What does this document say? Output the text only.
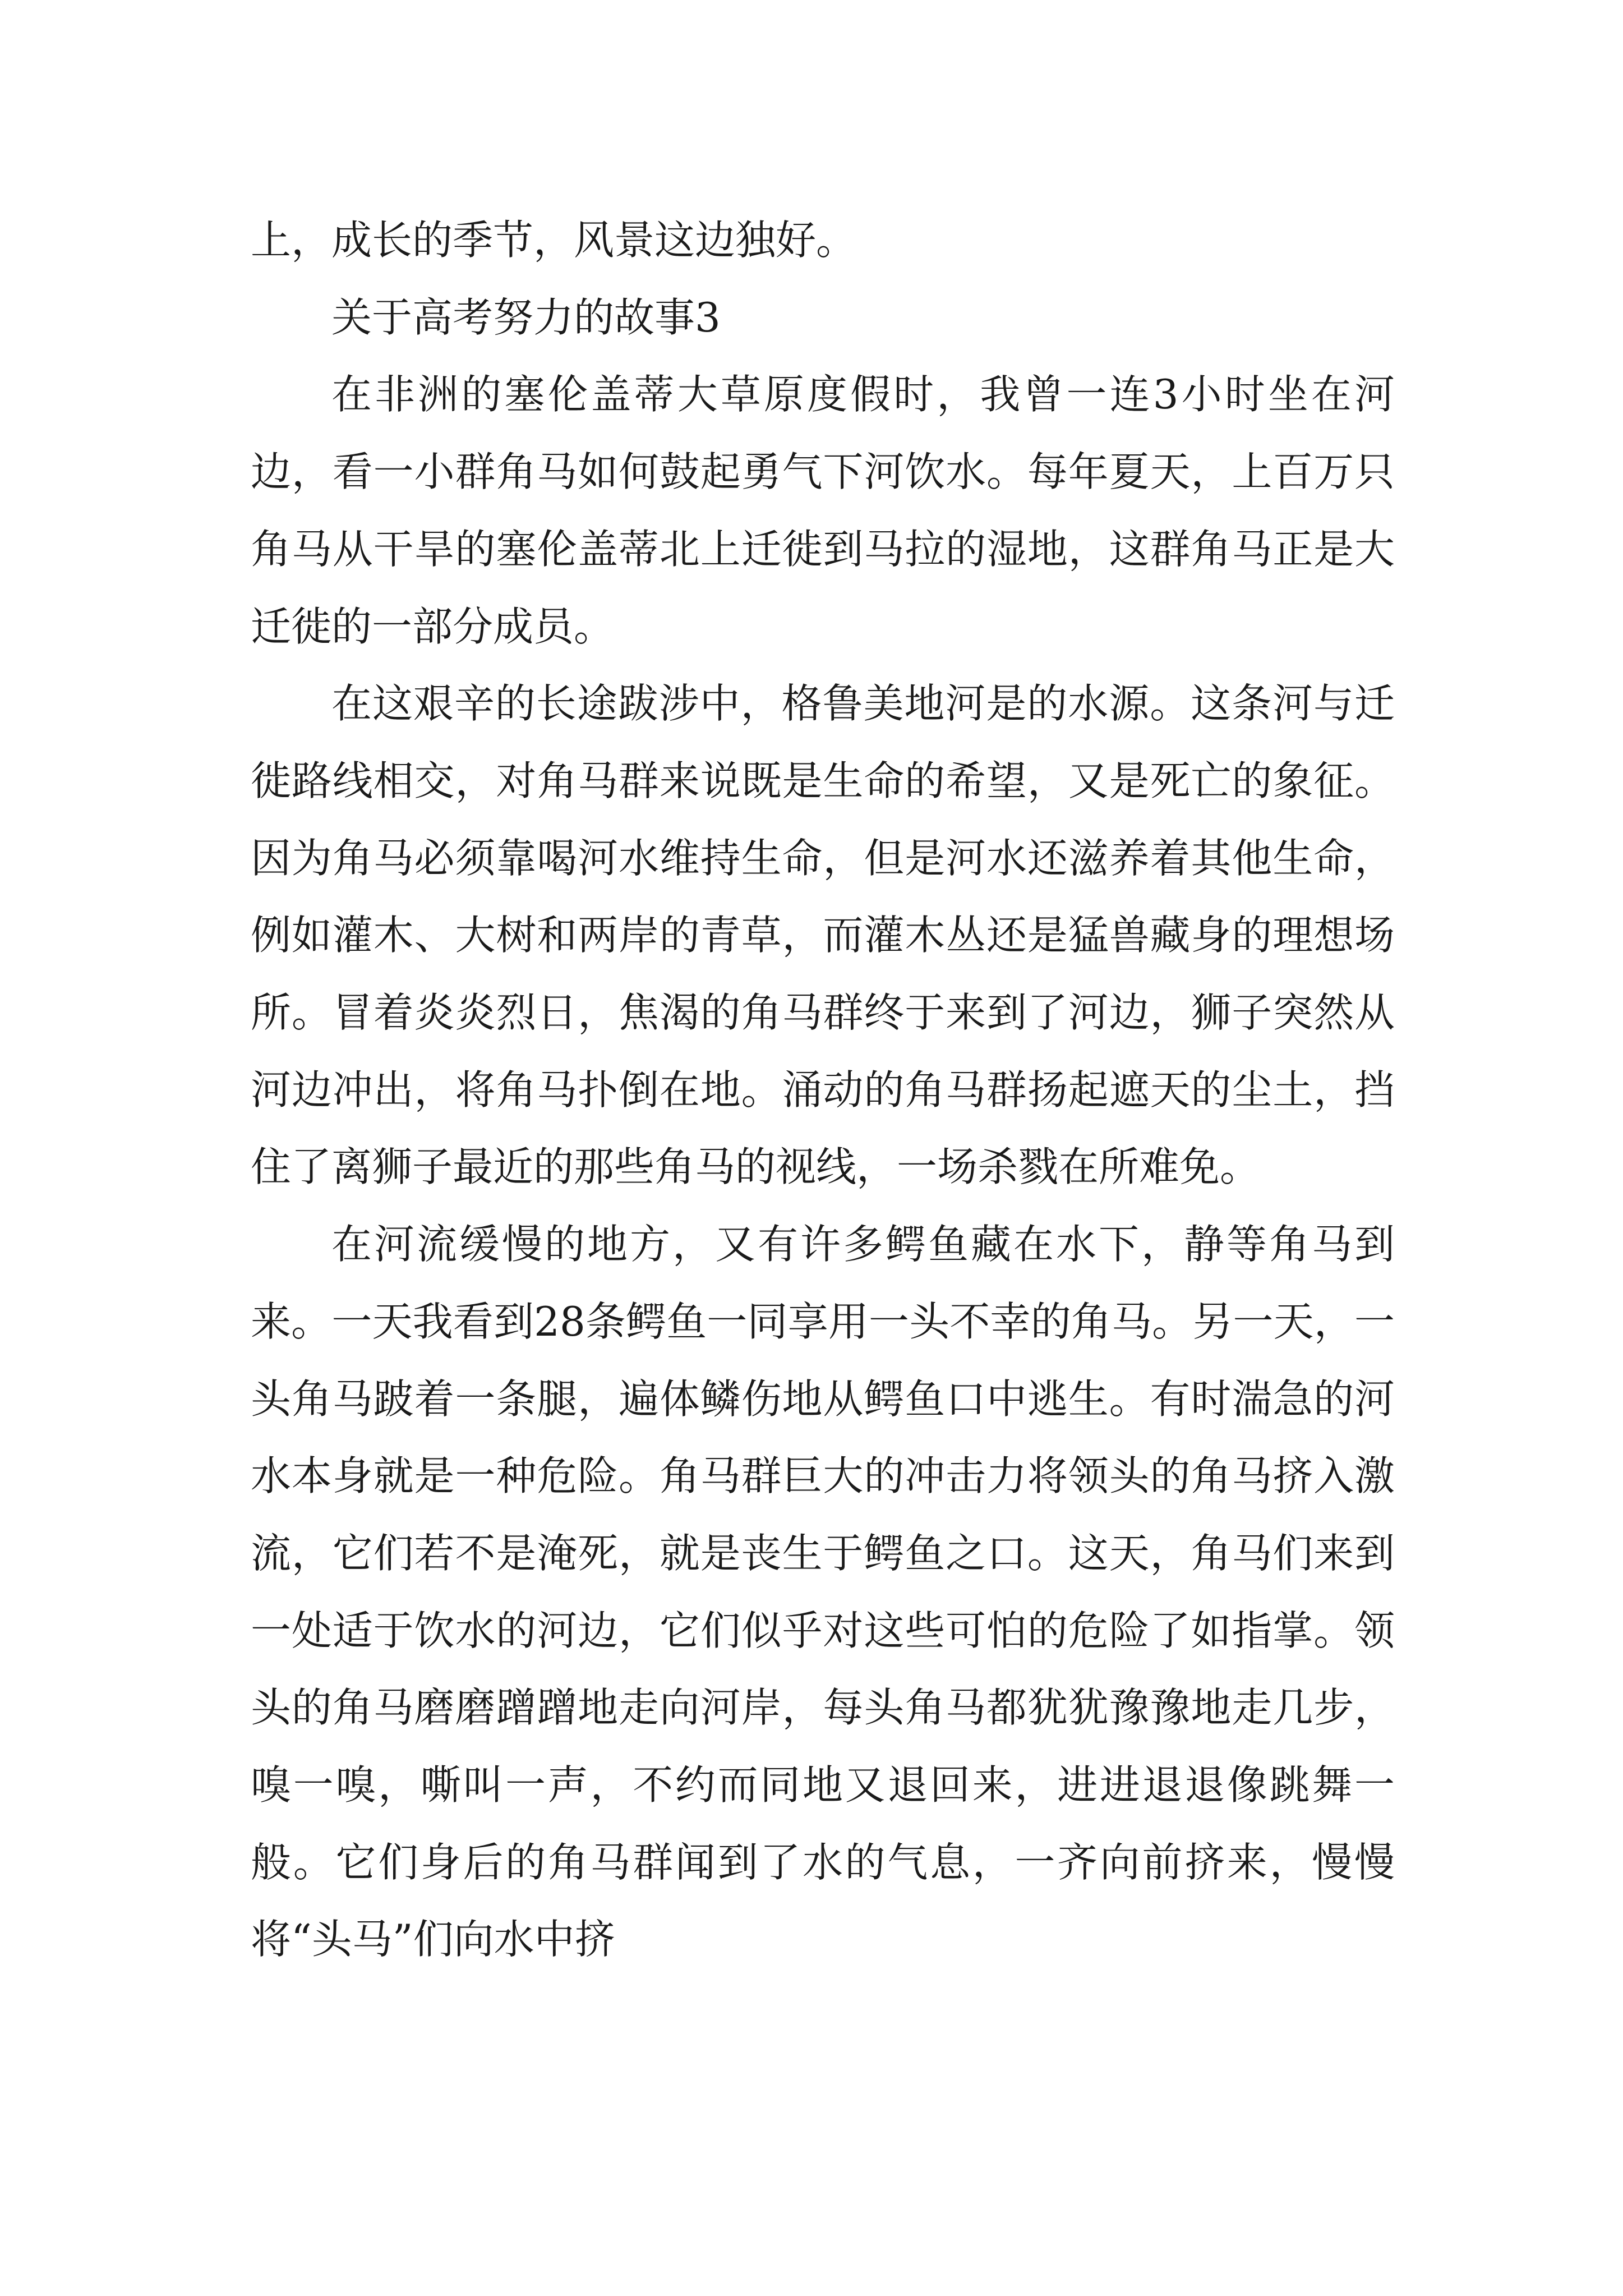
上，成长的季节，风景这边独好。

关于高考努力的故事3

在非洲的塞伦盖蒂大草原度假时，我曾一连3小时坐在河边，看一小群角马如何鼓起勇气下河饮水。每年夏天，上百万只角马从干旱的塞伦盖蒂北上迁徙到马拉的湿地，这群角马正是大迁徙的一部分成员。

在这艰辛的长途跋涉中，格鲁美地河是的水源。这条河与迁徙路线相交，对角马群来说既是生命的希望，又是死亡的象征。因为角马必须靠喝河水维持生命，但是河水还滋养着其他生命，例如灌木、大树和两岸的青草，而灌木丛还是猛兽藏身的理想场所。冒着炎炎烈日，焦渴的角马群终于来到了河边，狮子突然从河边冲出，将角马扑倒在地。涌动的角马群扬起遮天的尘土，挡住了离狮子最近的那些角马的视线，一场杀戮在所难免。

在河流缓慢的地方，又有许多鳄鱼藏在水下，静等角马到来。一天我看到28条鳄鱼一同享用一头不幸的角马。另一天，一头角马跛着一条腿，遍体鳞伤地从鳄鱼口中逃生。有时湍急的河水本身就是一种危险。角马群巨大的冲击力将领头的角马挤入激流，它们若不是淹死，就是丧生于鳄鱼之口。这天，角马们来到一处适于饮水的河边，它们似乎对这些可怕的危险了如指掌。领头的角马磨磨蹭蹭地走向河岸，每头角马都犹犹豫豫地走几步，嗅一嗅，嘶叫一声，不约而同地又退回来，进进退退像跳舞一般。它们身后的角马群闻到了水的气息，一齐向前挤来，慢慢将“头马”们向水中挤
